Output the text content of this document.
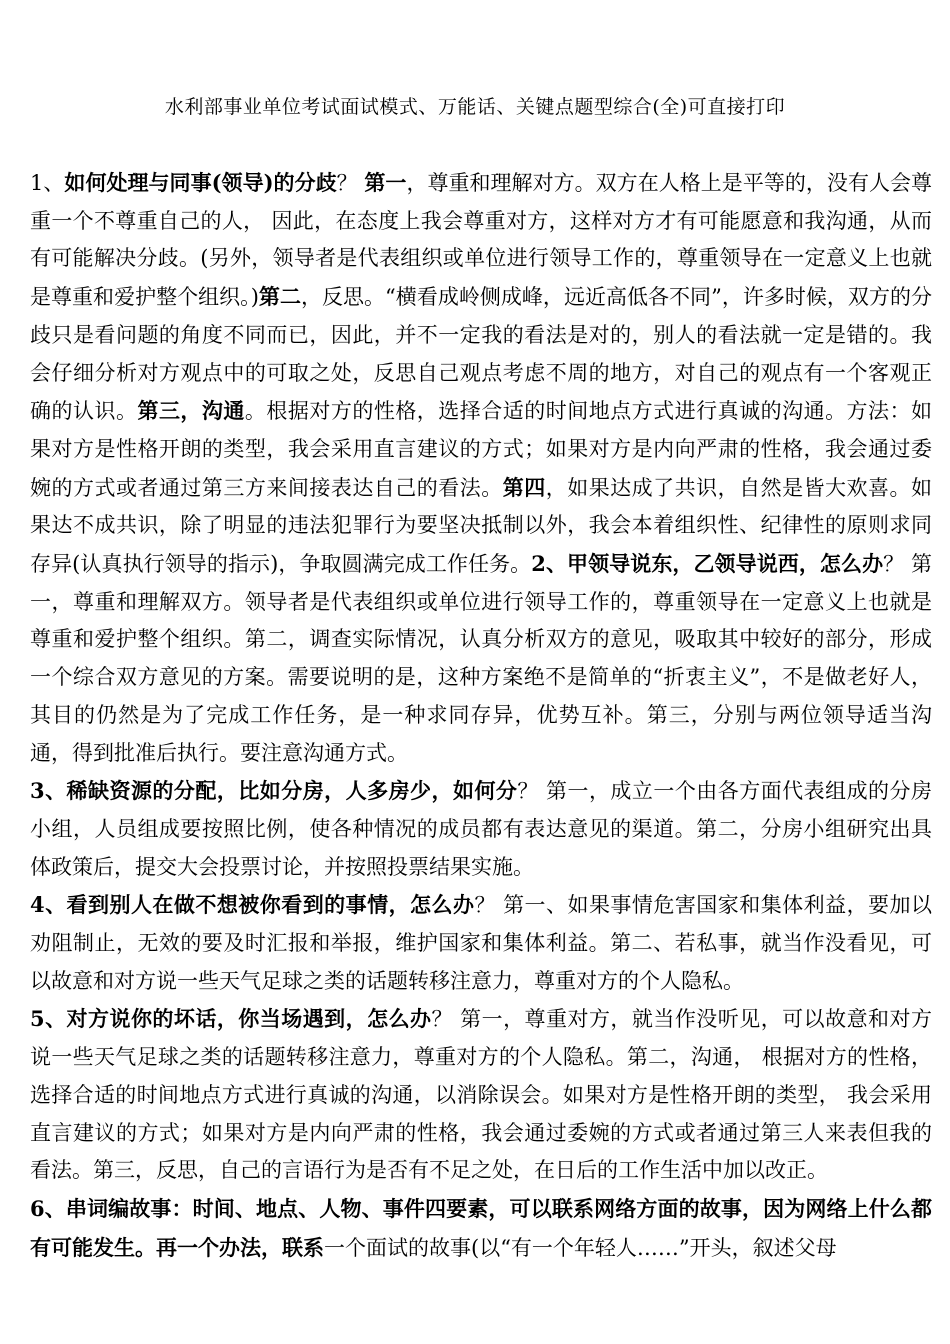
水利部事业单位考试面试模式、万能话、关键点题型综合(全)可直接打印

1、如何处理与同事(领导)的分歧？ 第一，尊重和理解对方。双方在人格上是平等的，没有人会尊重一个不尊重自己的人， 因此，在态度上我会尊重对方，这样对方才有可能愿意和我沟通，从而有可能解决分歧。(另外，领导者是代表组织或单位进行领导工作的，尊重领导在一定意义上也就是尊重和爱护整个组织。)第二，反思。“横看成岭侧成峰，远近高低各不同”，许多时候，双方的分歧只是看问题的角度不同而已，因此，并不一定我的看法是对的，别人的看法就一定是错的。我会仔细分析对方观点中的可取之处，反思自己观点考虑不周的地方，对自己的观点有一个客观正确的认识。第三，沟通。根据对方的性格，选择合适的时间地点方式进行真诚的沟通。方法：如果对方是性格开朗的类型，我会采用直言建议的方式；如果对方是内向严肃的性格，我会通过委婉的方式或者通过第三方来间接表达自己的看法。第四，如果达成了共识，自然是皆大欢喜。如果达不成共识，除了明显的违法犯罪行为要坚决抵制以外，我会本着组织性、纪律性的原则求同存异(认真执行领导的指示)，争取圆满完成工作任务。2、甲领导说东，乙领导说西，怎么办？ 第一，尊重和理解双方。领导者是代表组织或单位进行领导工作的，尊重领导在一定意义上也就是尊重和爱护整个组织。第二，调查实际情况，认真分析双方的意见，吸取其中较好的部分，形成一个综合双方意见的方案。需要说明的是，这种方案绝不是简单的“折衷主义”，不是做老好人，其目的仍然是为了完成工作任务，是一种求同存异，优势互补。第三，分别与两位领导适当沟通，得到批准后执行。要注意沟通方式。

3、稀缺资源的分配，比如分房，人多房少，如何分？ 第一，成立一个由各方面代表组成的分房小组，人员组成要按照比例，使各种情况的成员都有表达意见的渠道。第二，分房小组研究出具体政策后，提交大会投票讨论，并按照投票结果实施。

4、看到别人在做不想被你看到的事情，怎么办？ 第一、如果事情危害国家和集体利益，要加以劝阻制止，无效的要及时汇报和举报，维护国家和集体利益。第二、若私事，就当作没看见，可以故意和对方说一些天气足球之类的话题转移注意力，尊重对方的个人隐私。

5、对方说你的坏话，你当场遇到，怎么办？ 第一，尊重对方，就当作没听见，可以故意和对方说一些天气足球之类的话题转移注意力，尊重对方的个人隐私。第二，沟通， 根据对方的性格，选择合适的时间地点方式进行真诚的沟通，以消除误会。如果对方是性格开朗的类型， 我会采用直言建议的方式；如果对方是内向严肃的性格，我会通过委婉的方式或者通过第三人来表但我的看法。第三，反思，自己的言语行为是否有不足之处，在日后的工作生活中加以改正。

6、串词编故事：时间、地点、人物、事件四要素，可以联系网络方面的故事，因为网络上什么都有可能发生。再一个办法，联系一个面试的故事(以“有一个年轻人……”开头，叙述父母
